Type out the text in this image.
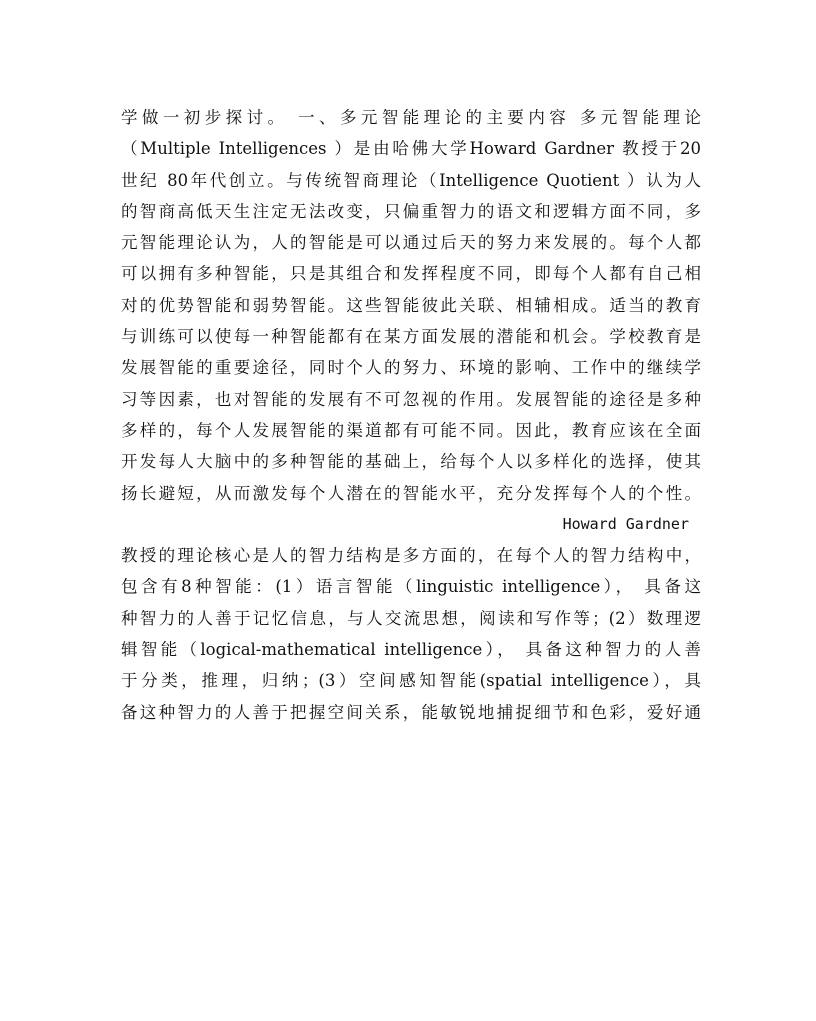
学做一初步探讨。 一、多元智能理论的主要内容 多元智能理论
（Multiple Intelligences ）是由哈佛大学Howard Gardner 教授于20
世纪 80年代创立。与传统智商理论（Intelligence Quotient ）认为人
的智商高低天生注定无法改变，只偏重智力的语文和逻辑方面不同，多
元智能理论认为，人的智能是可以通过后天的努力来发展的。每个人都
可以拥有多种智能，只是其组合和发挥程度不同，即每个人都有自己相
对的优势智能和弱势智能。这些智能彼此关联、相辅相成。适当的教育
与训练可以使每一种智能都有在某方面发展的潜能和机会。学校教育是
发展智能的重要途径，同时个人的努力、环境的影响、工作中的继续学
习等因素，也对智能的发展有不可忽视的作用。发展智能的途径是多种
多样的，每个人发展智能的渠道都有可能不同。因此，教育应该在全面
开发每人大脑中的多种智能的基础上，给每个人以多样化的选择，使其
扬长避短，从而激发每个人潜在的智能水平，充分发挥每个人的个性。
Howard Gardner
教授的理论核心是人的智力结构是多方面的，在每个人的智力结构中，
包含有8种智能：(1）语言智能（linguistic intelligence）， 具备这
种智力的人善于记忆信息，与人交流思想，阅读和写作等；(2）数理逻
辑智能（logical-mathematical intelligence）， 具备这种智力的人善
于分类，推理，归纳；(3）空间感知智能(spatial intelligence），具
备这种智力的人善于把握空间关系，能敏锐地捕捉细节和色彩，爱好通
